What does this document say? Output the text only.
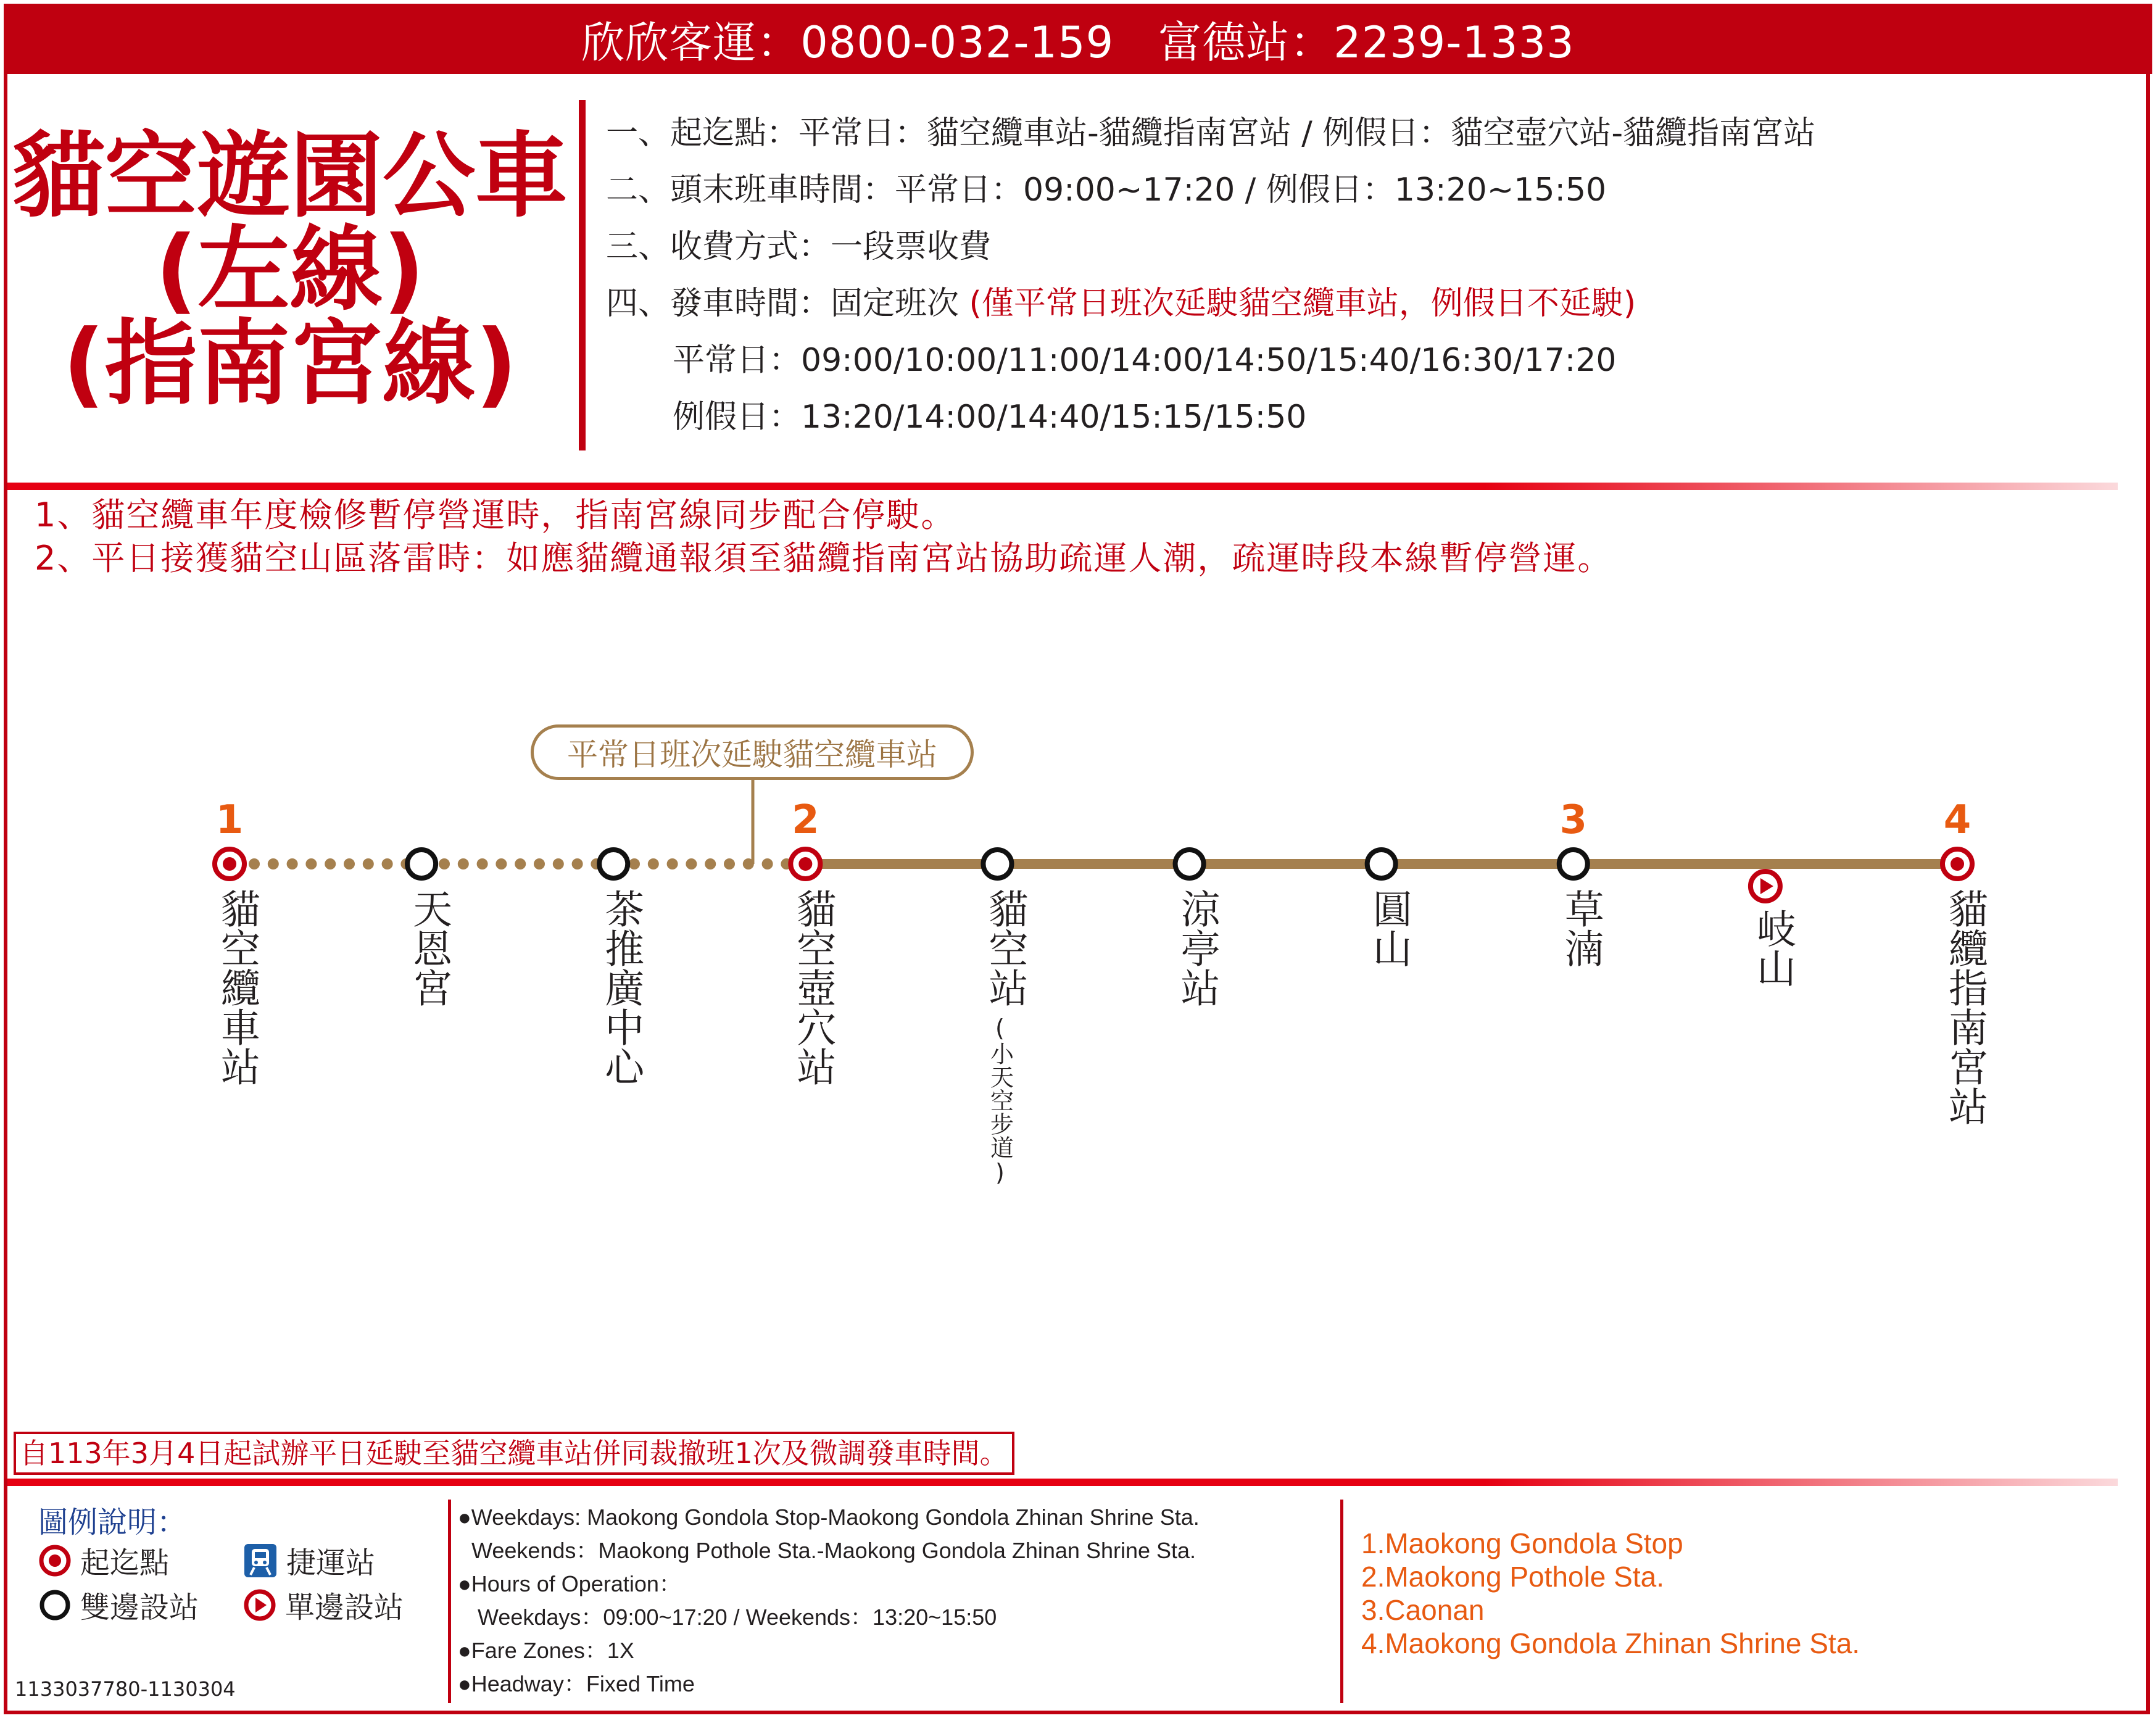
欣欣客運：0800-032-159 富德站：2239-1333
貓空遊園公車
(左線)
(指南宮線)
一、起迄點：平常日：貓空纜車站-貓纜指南宮站 / 例假日：貓空壺穴站-貓纜指南宮站
二、頭末班車時間：平常日：09:00~17:20 / 例假日：13:20~15:50
三、收費方式：一段票收費
四、發車時間：固定班次 (僅平常日班次延駛貓空纜車站，例假日不延駛)
平常日：09:00/10:00/11:00/14:00/14:50/15:40/16:30/17:20
例假日：13:20/14:00/14:40/15:15/15:50
1、貓空纜車年度檢修暫停營運時，指南宮線同步配合停駛。
2、平日接獲貓空山區落雷時：如應貓纜通報須至貓纜指南宮站協助疏運人潮，疏運時段本線暫停營運。
平常日班次延駛貓空纜車站
1
貓空纜車站	天恩宮	茶推廣中心
2
貓空壺穴站	貓空站
(小天空步道)
涼亭站	圓山
3
草湳	岐山
4
貓纜指南宮站
自113年3月4日起試辦平日延駛至貓空纜車站併同裁撤班1次及微調發車時間。
圖例說明：
起迄點	捷運站
雙邊設站	單邊設站
1133037780-1130304
●Weekdays: Maokong Gondola Stop-Maokong Gondola Zhinan Shrine Sta.
Weekends：Maokong Pothole Sta.-Maokong Gondola Zhinan Shrine Sta.
●Hours of Operation：
Weekdays：09:00~17:20 / Weekends：13:20~15:50
●Fare Zones：1X
●Headway：Fixed Time
1.Maokong Gondola Stop
2.Maokong Pothole Sta.
3.Caonan
4.Maokong Gondola Zhinan Shrine Sta.
